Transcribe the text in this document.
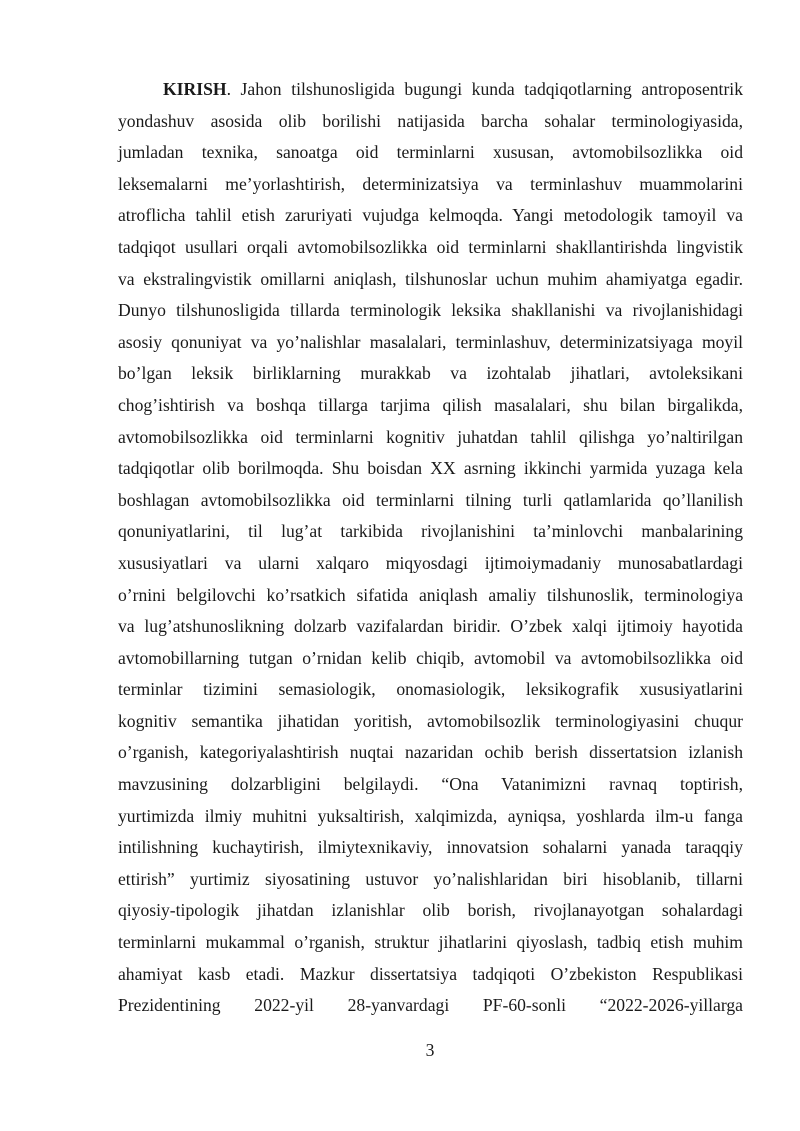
KIRISH. Jahon tilshunosligida bugungi kunda tadqiqotlarning antroposentrik
yondashuv asosida olib borilishi natijasida barcha sohalar terminologiyasida,
jumladan texnika, sanoatga oid terminlarni xususan, avtomobilsozlikka oid
leksemalarni me’yorlashtirish, determinizatsiya va terminlashuv muammolarini
atroflicha tahlil etish zaruriyati vujudga kelmoqda. Yangi metodologik tamoyil va
tadqiqot usullari orqali avtomobilsozlikka oid terminlarni shakllantirishda lingvistik
va ekstralingvistik omillarni aniqlash, tilshunoslar uchun muhim ahamiyatga egadir.
Dunyo tilshunosligida tillarda terminologik leksika shakllanishi va rivojlanishidagi
asosiy qonuniyat va yo’nalishlar masalalari, terminlashuv, determinizatsiyaga moyil
bo’lgan leksik birliklarning murakkab va izohtalab jihatlari, avtoleksikani
chog’ishtirish va boshqa tillarga tarjima qilish masalalari, shu bilan birgalikda,
avtomobilsozlikka oid terminlarni kognitiv juhatdan tahlil qilishga yo’naltirilgan
tadqiqotlar olib borilmoqda. Shu boisdan XX asrning ikkinchi yarmida yuzaga kela
boshlagan avtomobilsozlikka oid terminlarni tilning turli qatlamlarida qo’llanilish
qonuniyatlarini, til lug’at tarkibida rivojlanishini ta’minlovchi manbalarining
xususiyatlari va ularni xalqaro miqyosdagi ijtimoiymadaniy munosabatlardagi
o’rnini belgilovchi ko’rsatkich sifatida aniqlash amaliy tilshunoslik, terminologiya
va lug’atshunoslikning dolzarb vazifalardan biridir. O’zbek xalqi ijtimoiy hayotida
avtomobillarning tutgan o’rnidan kelib chiqib, avtomobil va avtomobilsozlikka oid
terminlar tizimini semasiologik, onomasiologik, leksikografik xususiyatlarini
kognitiv semantika jihatidan yoritish, avtomobilsozlik terminologiyasini chuqur
o’rganish, kategoriyalashtirish nuqtai nazaridan ochib berish dissertatsion izlanish
mavzusining dolzarbligini belgilaydi. “Ona Vatanimizni ravnaq toptirish,
yurtimizda ilmiy muhitni yuksaltirish, xalqimizda, ayniqsa, yoshlarda ilm-u fanga
intilishning kuchaytirish, ilmiytexnikaviy, innovatsion sohalarni yanada taraqqiy
ettirish” yurtimiz siyosatining ustuvor yo’nalishlaridan biri hisoblanib, tillarni
qiyosiy-tipologik jihatdan izlanishlar olib borish, rivojlanayotgan sohalardagi
terminlarni mukammal o’rganish, struktur jihatlarini qiyoslash, tadbiq etish muhim
ahamiyat kasb etadi. Mazkur dissertatsiya tadqiqoti O’zbekiston Respublikasi
Prezidentining 2022-yil 28-yanvardagi PF-60-sonli “2022-2026-yillarga
3
